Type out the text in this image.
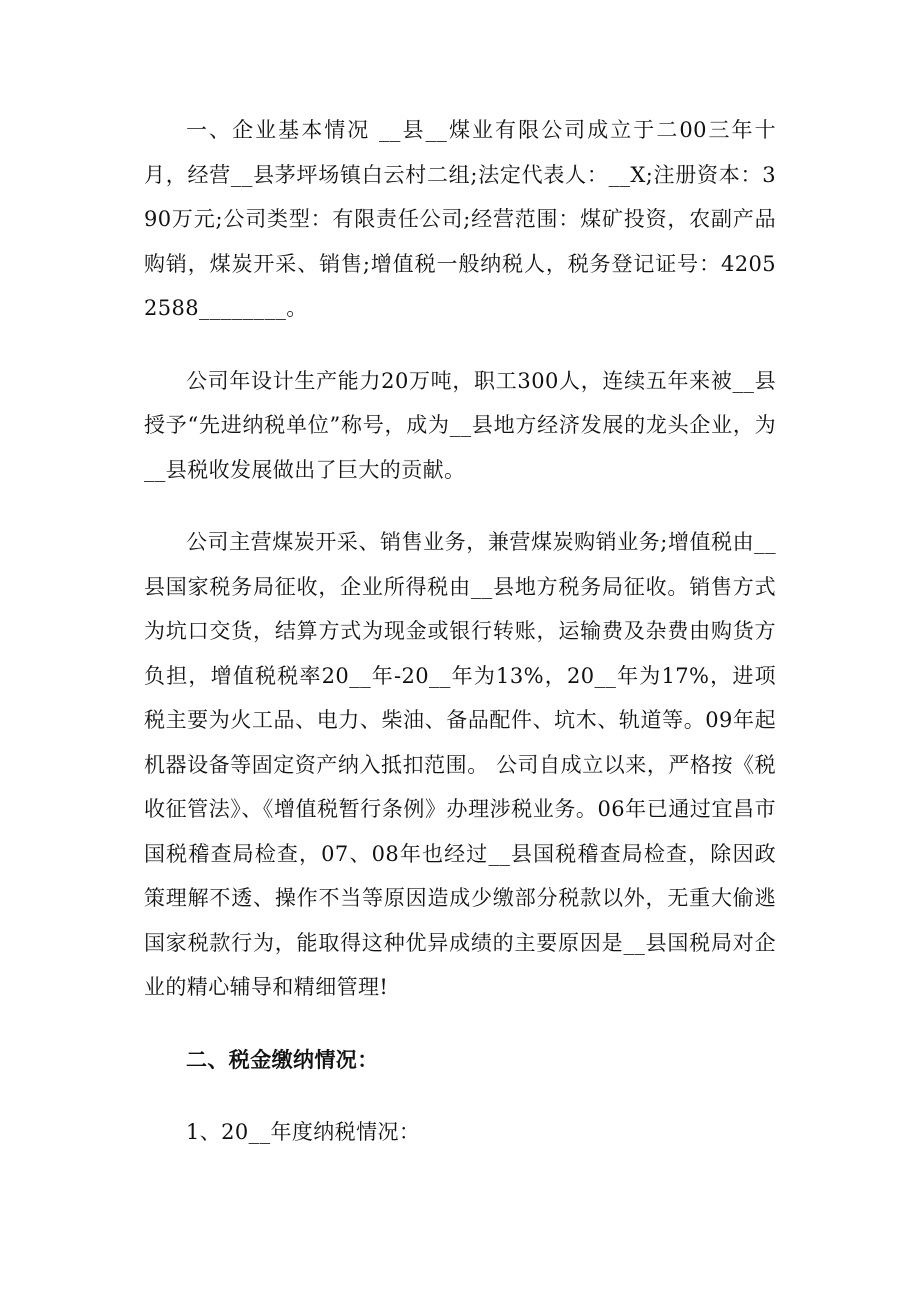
一、企业基本情况 __县__煤业有限公司成立于二00三年十月，经营__县茅坪场镇白云村二组;法定代表人：__X;注册资本：390万元;公司类型：有限责任公司;经营范围：煤矿投资，农副产品购销，煤炭开采、销售;增值税一般纳税人，税务登记证号：42052588________。

公司年设计生产能力20万吨，职工300人，连续五年来被__县授予“先进纳税单位”称号，成为__县地方经济发展的龙头企业，为__县税收发展做出了巨大的贡献。

公司主营煤炭开采、销售业务，兼营煤炭购销业务;增值税由__县国家税务局征收，企业所得税由__县地方税务局征收。销售方式为坑口交货，结算方式为现金或银行转账，运输费及杂费由购货方负担，增值税税率20__年-20__年为13%，20__年为17%，进项税主要为火工品、电力、柴油、备品配件、坑木、轨道等。09年起机器设备等固定资产纳入抵扣范围。 公司自成立以来，严格按《税收征管法》、《增值税暂行条例》办理涉税业务。06年已通过宜昌市国税稽查局检查，07、08年也经过__县国税稽查局检查，除因政策理解不透、操作不当等原因造成少缴部分税款以外，无重大偷逃国家税款行为，能取得这种优异成绩的主要原因是__县国税局对企业的精心辅导和精细管理!

二、税金缴纳情况：

1、20__年度纳税情况：
